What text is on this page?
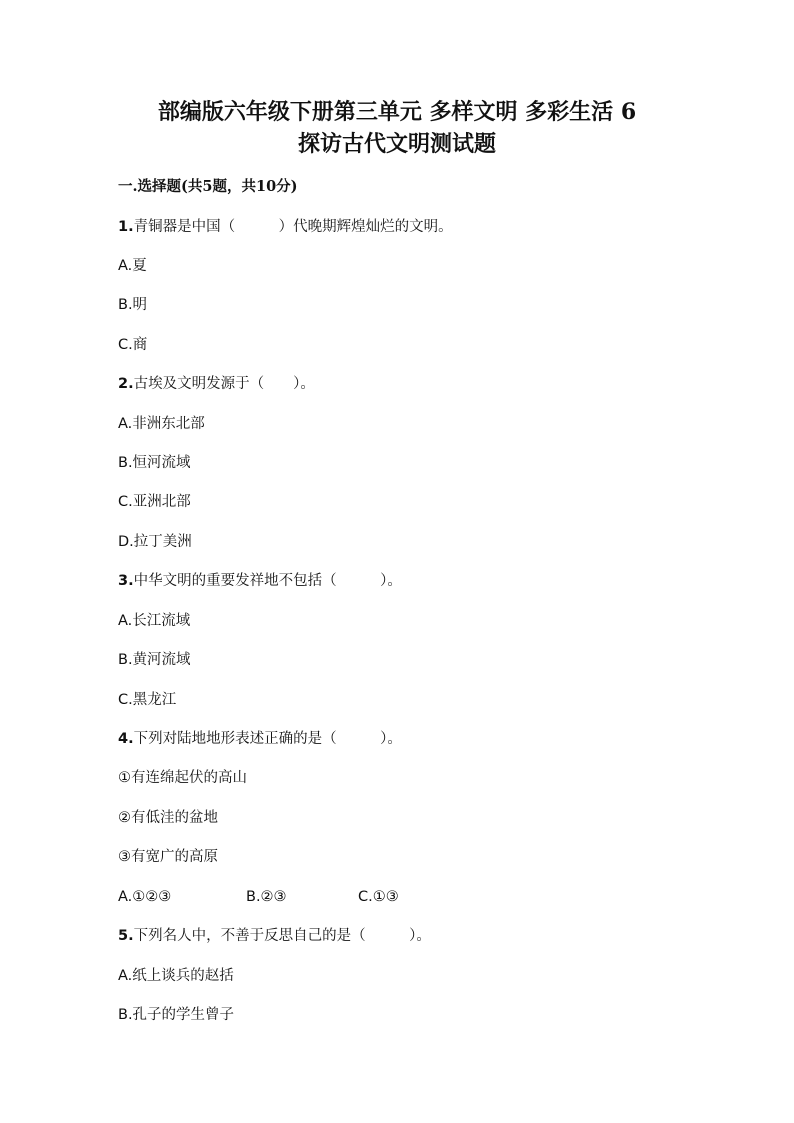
部编版六年级下册第三单元 多样文明 多彩生活 6
探访古代文明测试题
一.选择题(共5题，共10分)
1.青铜器是中国（　　　）代晚期辉煌灿烂的文明。
A.夏
B.明
C.商
2.古埃及文明发源于（　　）。
A.非洲东北部
B.恒河流域
C.亚洲北部
D.拉丁美洲
3.中华文明的重要发祥地不包括（　　　）。
A.长江流域
B.黄河流域
C.黑龙江
4.下列对陆地地形表述正确的是（　　　）。
①有连绵起伏的高山
②有低洼的盆地
③有宽广的高原

A.①②③

	B.②③

	C.①③

5.下列名人中，不善于反思自己的是（　　　）。
A.纸上谈兵的赵括
B.孔子的学生曾子
